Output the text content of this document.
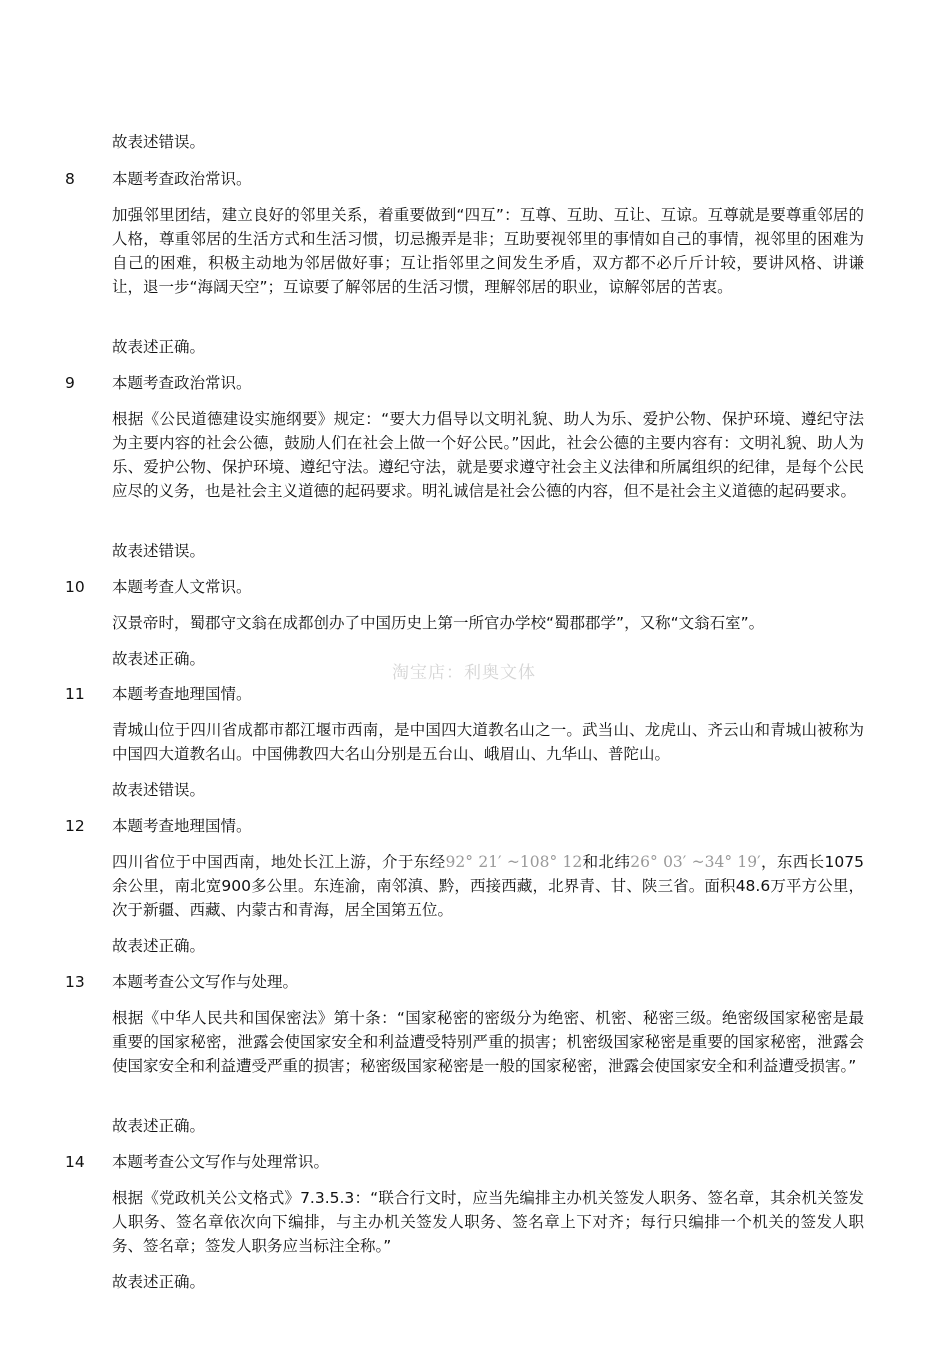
故表述错误。
8 本题考查政治常识。
加强邻里团结，建立良好的邻里关系，着重要做到“四互”：互尊、互助、互让、互谅。互尊就是要尊重邻居的人格，尊重邻居的生活方式和生活习惯，切忌搬弄是非；互助要视邻里的事情如自己的事情，视邻里的困难为自己的困难，积极主动地为邻居做好事；互让指邻里之间发生矛盾，双方都不必斤斤计较，要讲风格、讲谦让，退一步“海阔天空”；互谅要了解邻居的生活习惯，理解邻居的职业，谅解邻居的苦衷。
故表述正确。
9 本题考查政治常识。
根据《公民道德建设实施纲要》规定：“要大力倡导以文明礼貌、助人为乐、爱护公物、保护环境、遵纪守法为主要内容的社会公德，鼓励人们在社会上做一个好公民。”因此，社会公德的主要内容有：文明礼貌、助人为乐、爱护公物、保护环境、遵纪守法。遵纪守法，就是要求遵守社会主义法律和所属组织的纪律，是每个公民应尽的义务，也是社会主义道德的起码要求。明礼诚信是社会公德的内容，但不是社会主义道德的起码要求。
故表述错误。
10 本题考查人文常识。
汉景帝时，蜀郡守文翁在成都创办了中国历史上第一所官办学校“蜀郡郡学”，又称“文翁石室”。
故表述正确。
淘宝店：利奥文体
11 本题考查地理国情。
青城山位于四川省成都市都江堰市西南，是中国四大道教名山之一。武当山、龙虎山、齐云山和青城山被称为中国四大道教名山。中国佛教四大名山分别是五台山、峨眉山、九华山、普陀山。
故表述错误。
12 本题考查地理国情。
四川省位于中国西南，地处长江上游，介于东经92° 21′ ~108° 12和北纬26° 03′ ~34° 19′，东西长1075余公里，南北宽900多公里。东连渝，南邻滇、黔，西接西藏，北界青、甘、陕三省。面积48.6万平方公里，次于新疆、西藏、内蒙古和青海，居全国第五位。
故表述正确。
13 本题考查公文写作与处理。
根据《中华人民共和国保密法》第十条：“国家秘密的密级分为绝密、机密、秘密三级。绝密级国家秘密是最重要的国家秘密，泄露会使国家安全和利益遭受特别严重的损害；机密级国家秘密是重要的国家秘密，泄露会使国家安全和利益遭受严重的损害；秘密级国家秘密是一般的国家秘密，泄露会使国家安全和利益遭受损害。”
故表述正确。
14 本题考查公文写作与处理常识。
根据《党政机关公文格式》7.3.5.3：“联合行文时，应当先编排主办机关签发人职务、签名章，其余机关签发人职务、签名章依次向下编排，与主办机关签发人职务、签名章上下对齐；每行只编排一个机关的签发人职务、签名章；签发人职务应当标注全称。”
故表述正确。
